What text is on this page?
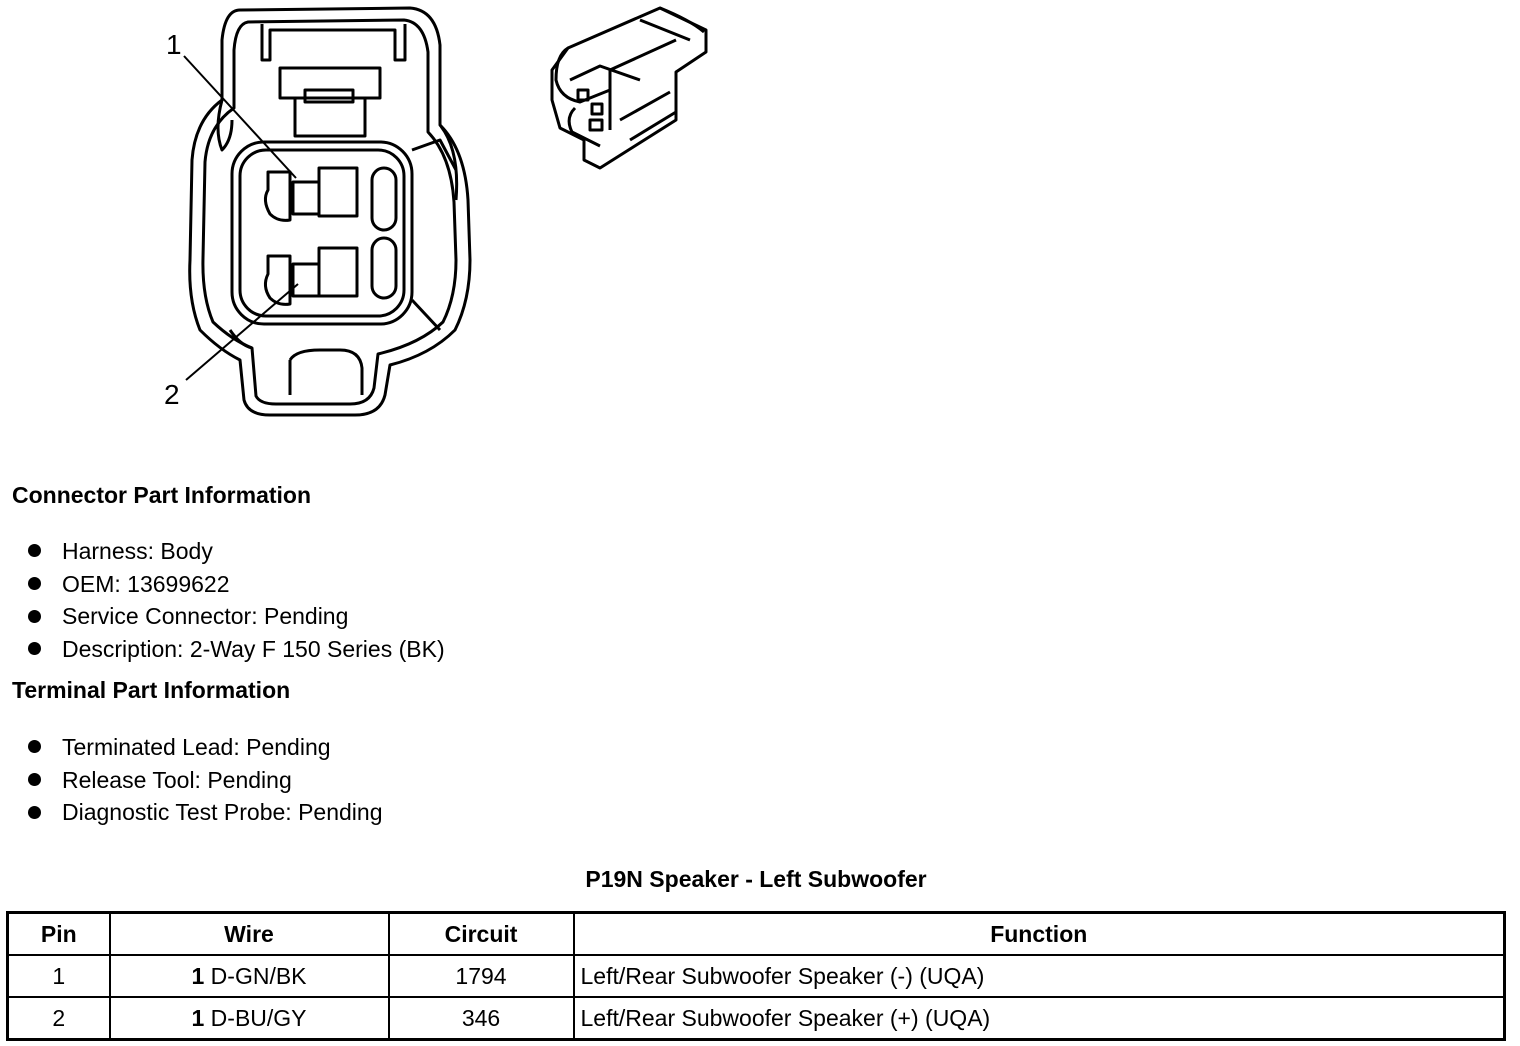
1
2
Connector Part Information
Harness: Body
OEM: 13699622
Service Connector: Pending
Description: 2-Way F 150 Series (BK)
Terminal Part Information
Terminated Lead: Pending
Release Tool: Pending
Diagnostic Test Probe: Pending
P19N Speaker - Left Subwoofer
Pin	Wire	Circuit	Function
1	1 D-GN/BK	1794	Left/Rear Subwoofer Speaker (-) (UQA)
2	1 D-BU/GY	346	Left/Rear Subwoofer Speaker (+) (UQA)
